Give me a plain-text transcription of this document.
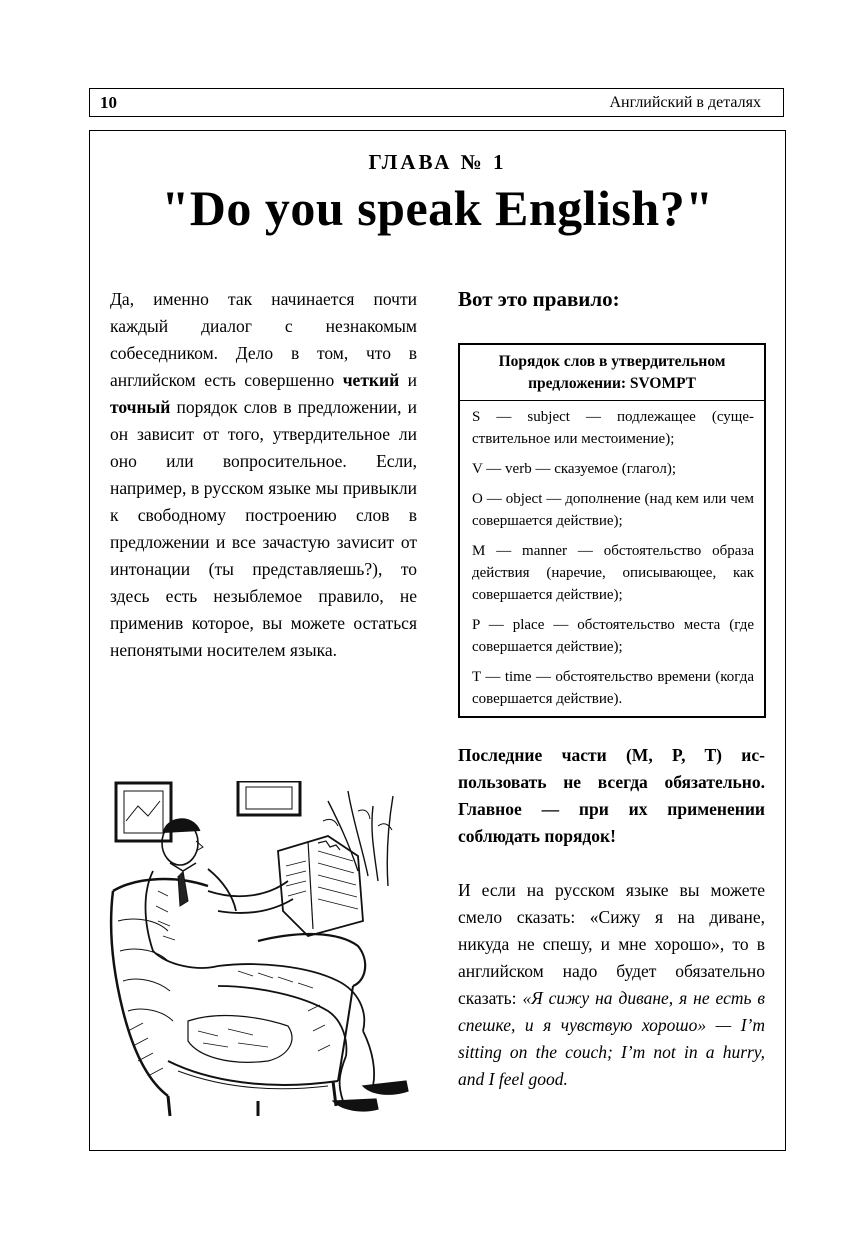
10	Английский в деталях
ГЛАВА № 1
"Do you speak English?"
Да, именно так начинается почти каждый диалог с незнакомым собеседником. Дело в том, что в английском есть совершенно четкий и точный порядок слов в предложении, и он зависит от того, утвердительное ли оно или вопросительное. Если, например, в русском языке мы привыкли к свободному построению слов в предложении и все зачастую заvисит от интонации (ты представляешь?), то здесь есть незыблемое правило, не применив которое, вы можете остаться непонятыми носителем языка.
Вот это правило:
Порядок слов в утвердительном предложении: SVOMPT
S — subject — подлежащее (существительное или местоимение);
V — verb — сказуемое (глагол);
O — object — дополнение (над кем или чем совершается действие);
M — manner — обстоятельство образа действия (наречие, описывающее, как совершается действие);
P — place — обстоятельство места (где совершается действие);
T — time — обстоятельство времени (когда совершается действие).
Последние части (M, P, T) использовать не всегда обязательно. Главное — при их применении соблюдать порядок!
И если на русском языке вы можете смело сказать: «Сижу я на диване, никуда не спешу, и мне хорошо», то в английском надо будет обязательно сказать: «Я сижу на диване, я не есть в спешке, и я чувствую хорошо» — I’m sitting on the couch; I’m not in a hurry, and I feel good.
